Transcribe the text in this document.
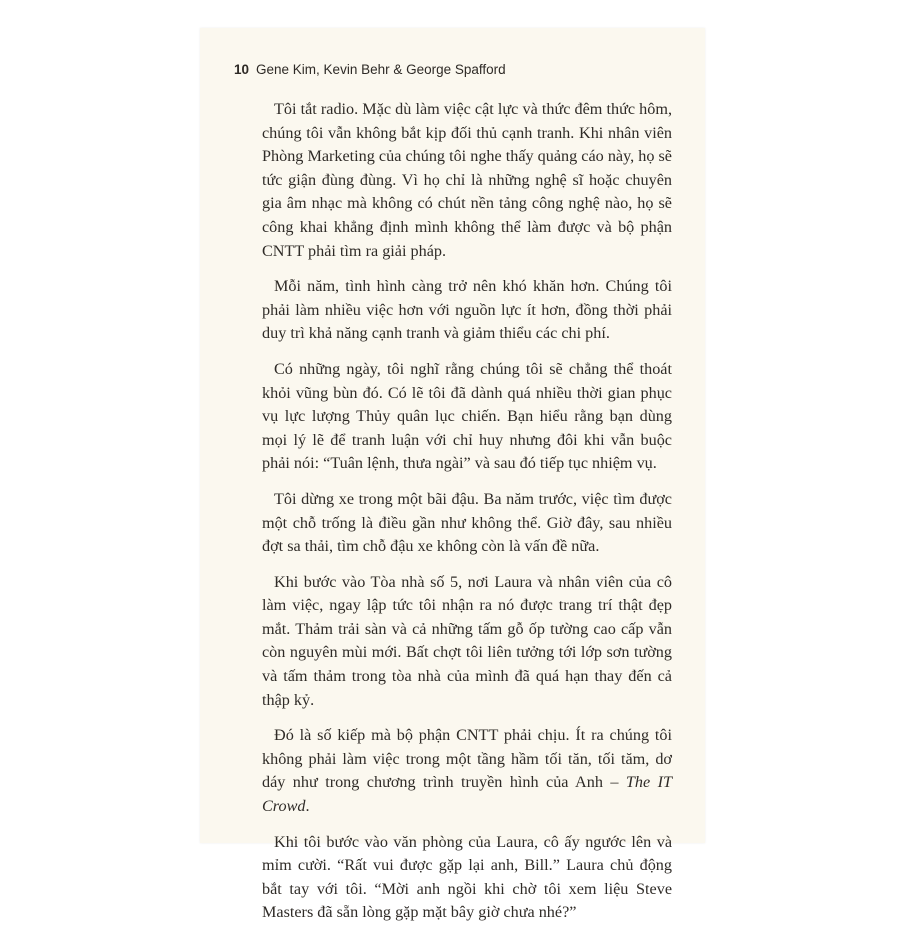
10 Gene Kim, Kevin Behr & George Spafford

Tôi tắt radio. Mặc dù làm việc cật lực và thức đêm thức hôm, chúng tôi vẫn không bắt kịp đối thủ cạnh tranh. Khi nhân viên Phòng Marketing của chúng tôi nghe thấy quảng cáo này, họ sẽ tức giận đùng đùng. Vì họ chỉ là những nghệ sĩ hoặc chuyên gia âm nhạc mà không có chút nền tảng công nghệ nào, họ sẽ công khai khẳng định mình không thể làm được và bộ phận CNTT phải tìm ra giải pháp.

Mỗi năm, tình hình càng trở nên khó khăn hơn. Chúng tôi phải làm nhiều việc hơn với nguồn lực ít hơn, đồng thời phải duy trì khả năng cạnh tranh và giảm thiểu các chi phí.

Có những ngày, tôi nghĩ rằng chúng tôi sẽ chẳng thể thoát khỏi vũng bùn đó. Có lẽ tôi đã dành quá nhiều thời gian phục vụ lực lượng Thủy quân lục chiến. Bạn hiểu rằng bạn dùng mọi lý lẽ để tranh luận với chỉ huy nhưng đôi khi vẫn buộc phải nói: “Tuân lệnh, thưa ngài” và sau đó tiếp tục nhiệm vụ.

Tôi dừng xe trong một bãi đậu. Ba năm trước, việc tìm được một chỗ trống là điều gần như không thể. Giờ đây, sau nhiều đợt sa thải, tìm chỗ đậu xe không còn là vấn đề nữa.

Khi bước vào Tòa nhà số 5, nơi Laura và nhân viên của cô làm việc, ngay lập tức tôi nhận ra nó được trang trí thật đẹp mắt. Thảm trải sàn và cả những tấm gỗ ốp tường cao cấp vẫn còn nguyên mùi mới. Bất chợt tôi liên tưởng tới lớp sơn tường và tấm thảm trong tòa nhà của mình đã quá hạn thay đến cả thập kỷ.

Đó là số kiếp mà bộ phận CNTT phải chịu. Ít ra chúng tôi không phải làm việc trong một tầng hầm tối tăn, tối tăm, dơ dáy như trong chương trình truyền hình của Anh – The IT Crowd.

Khi tôi bước vào văn phòng của Laura, cô ấy ngước lên và mỉm cười. “Rất vui được gặp lại anh, Bill.” Laura chủ động bắt tay với tôi. “Mời anh ngồi khi chờ tôi xem liệu Steve Masters đã sẵn lòng gặp mặt bây giờ chưa nhé?”
